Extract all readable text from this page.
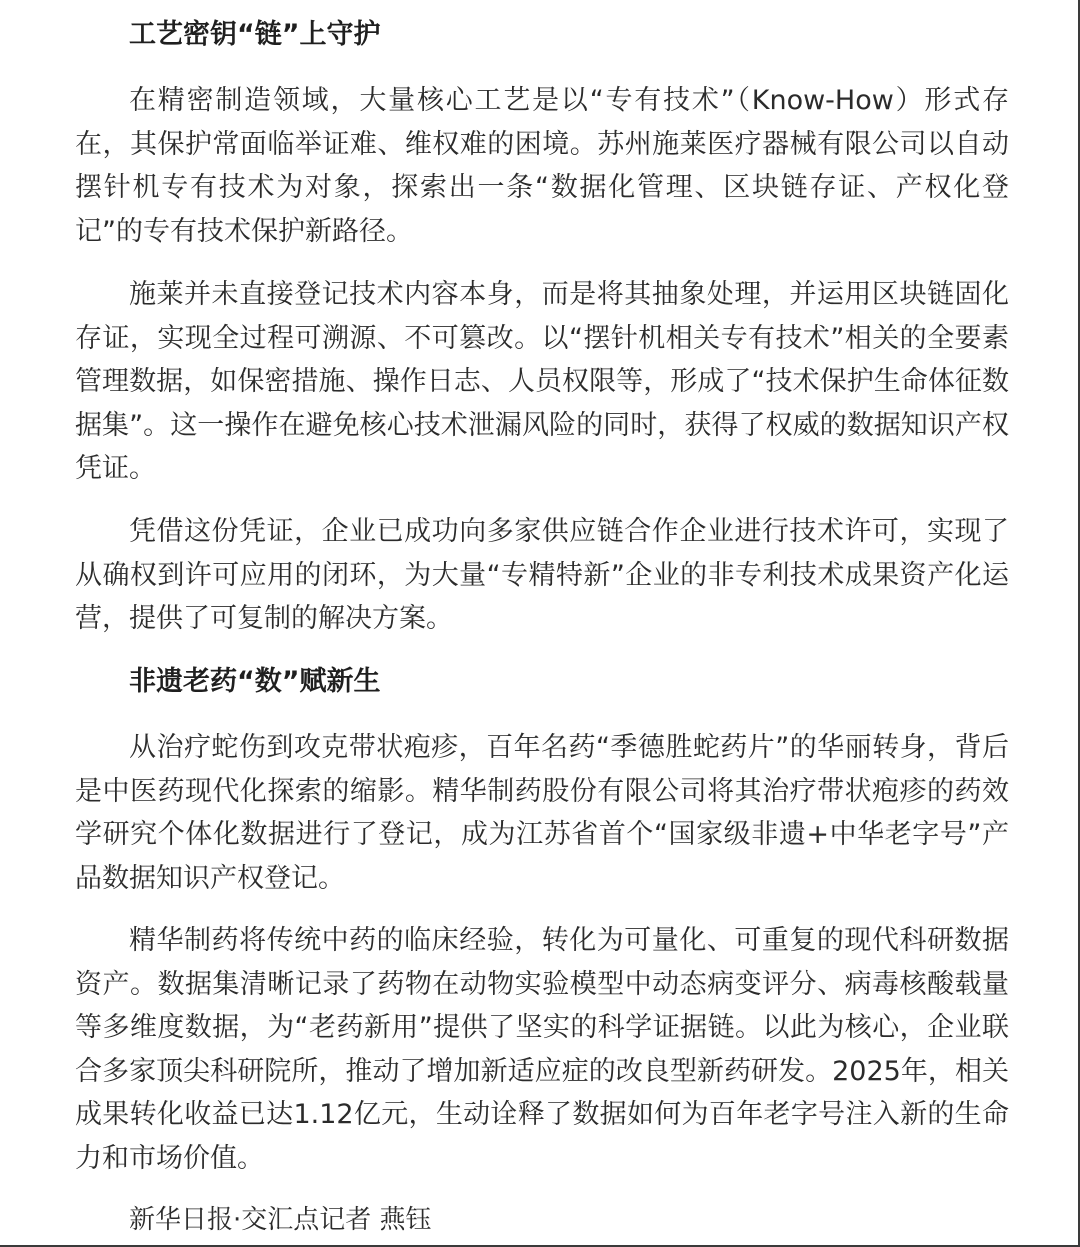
工艺密钥“链”上守护

在精密制造领域，大量核心工艺是以“专有技术”（Know-How）形式存在，其保护常面临举证难、维权难的困境。苏州施莱医疗器械有限公司以自动摆针机专有技术为对象，探索出一条“数据化管理、区块链存证、产权化登记”的专有技术保护新路径。

施莱并未直接登记技术内容本身，而是将其抽象处理，并运用区块链固化存证，实现全过程可溯源、不可篡改。以“摆针机相关专有技术”相关的全要素管理数据，如保密措施、操作日志、人员权限等，形成了“技术保护生命体征数据集”。这一操作在避免核心技术泄漏风险的同时，获得了权威的数据知识产权凭证。

凭借这份凭证，企业已成功向多家供应链合作企业进行技术许可，实现了从确权到许可应用的闭环，为大量“专精特新”企业的非专利技术成果资产化运营，提供了可复制的解决方案。

非遗老药“数”赋新生

从治疗蛇伤到攻克带状疱疹，百年名药“季德胜蛇药片”的华丽转身，背后是中医药现代化探索的缩影。精华制药股份有限公司将其治疗带状疱疹的药效学研究个体化数据进行了登记，成为江苏省首个“国家级非遗+中华老字号”产品数据知识产权登记。

精华制药将传统中药的临床经验，转化为可量化、可重复的现代科研数据资产。数据集清晰记录了药物在动物实验模型中动态病变评分、病毒核酸载量等多维度数据，为“老药新用”提供了坚实的科学证据链。以此为核心，企业联合多家顶尖科研院所，推动了增加新适应症的改良型新药研发。2025年，相关成果转化收益已达1.12亿元，生动诠释了数据如何为百年老字号注入新的生命力和市场价值。

新华日报·交汇点记者 燕钰
